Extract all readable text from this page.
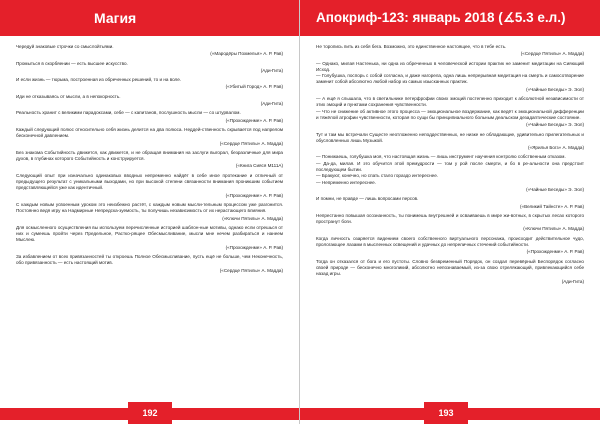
Магия

Чередуй знаковые строчки со смыслойтьями.

(«Мародёры Похмелья» А. Р. Рав)

Промыться в скорбяении — есть высшее искусство.

(Ади-Гита)

И если жизнь — тюрьма, построенная из обреченных решений, то и на воле.

(«Убитый Город» А. Р. Рав)

Иди не отказываясь от мысли, а в непокорность.

(Ади-Гита)

Реальность хранит с великими парадоксами, себе — с капитанов, послушность мысли — со штурвалом.

(«Прохожденме» А. Р. Рав)

Каждый следующий полюс относительно себя жизнь делится на два полюса. Неддей-ственность скрывается под напрелом бесконечной давлением.

(«Сердце Пятилы» А. Мадда)

Без знакома Событийность движется, как движется, и не обращая внимания на заслуги выгорал, безразличные для мира духов, в глубинах которого Событийность и конструируется.

(«Книга Сияся M111A)

Следующий опыт при изначально одинаковых вводных непременно найдёт в себе иное протекание и отличный от предыдущего результат с уникальными выходами, но при высокой степени связанности внимания проникшим событием представляющейся уже как идентичный.

(«Прохожденме» А. Р. Рав)

С каждым новым усвоенным уроком это неизбежно растёт, с каждым новым мысли-тельным процессом уже разгонится. Постоянно ведя игру на Надмирные Непредска-зуемость, ты получишь независимость от их нерастающего влияния.

(«Ключи Пятилы» А. Мадда)

Для осмысленного осуществления вы используем перечисленные историей шаблон-ные мотивы, однако если отрешься от них и сумеешь пройти через Предельное, Растко-рящее Обесмысливание, мысли мне нечем разбираться и нанеем Мыслею.

(«Прохожденме» А. Р. Рав)

За избавлением от всех привязанностей ты откроешь Полное Обесмысливание, пусть ещё не больше, чем Неконечность, обо привязанность — есть настоящий мотив.

(«Сердце Пятилы» А. Мадда)
192
Апокриф-123: январь 2018 (∡5.3 е.л.)

Не торопись пить из себя бега. Возможно, это единственное настоящее, что в тебе есть.

(«Сердце Пятилы» А. Мадда)

— Однако, милая Настенька, ни одна из обреченных в человеческой истории практик не заменит медитации на Сияющий Исход.
— Голубушка, поспорь с собой согласна, и даже нагорела, одна лишь непрерывная медитация на смерть и самосотворение заменит собой абсолютно любой набор из самых изысканных практик.

(«Чайные Беседы» Э. Эол)

— А ещё я слышала, что в светильнике петерфрофии своих эмоций постепенно приходит к абсолютной независимости от этих эмоций и пунктами сохранения чувственности.
— Что не снижение об активное этого процесса — эмоциональное воздержание, как ведёт к эмоциональной дифференции и тяжёлой атрофии чувственности, которая по сущи бы принципиального больным деальском дезадаптические состояние.

(«Чайные Беседы» Э. Эол)

Тут и там мы встречали Сущесте неотложенно неподдественных, не низке не обладающие, удивительно прилегательных и обусловленных лишь Музыкой.

(«Ярилья Богз» А. Мадда)

— Понижаешь, голубушка моя, что настоящая жизнь — лишь инструмент научения контролю собственным отказом.
— Да-да, милая. И это обучится этой премудрости — том у рой после смерти, и бо в ре-альности она предстоит последующем бытии.
— Бракуют, конечно, но спать стало гораздо интереснее.
— Непременно интереснее.

(«Чайные Беседы» Э. Эол)

И помни, не правде — лишь вопросами персов.

(«Великий Тайнсте» А. Р. Рав)

Непрестанно повышая осознанность, ты понимешь внутрешней и осваиваешь в мире жи-вотных, в скрытых лесах которого пространут боги.

(«Ключи Пятилы» А. Мадда)

Когда личность озаряется видением своего собственного виртуального персонажа, происходит действительное чудо, прологающее лазами в мысленных освещений и удачных до непреличных стечений событийности.

(«Прохожденме» А. Р. Рав)

Тогда он отказался от бога и его пустоты. Словно безвременный Порядок, он создал перевёрный Беспорядок согласно своей природе — бесконечно многоликий, абсолютно непознаваемый, из-за свою отрелякающий, привлекающийся себе назад игры.

(Ади-Гита)
193
